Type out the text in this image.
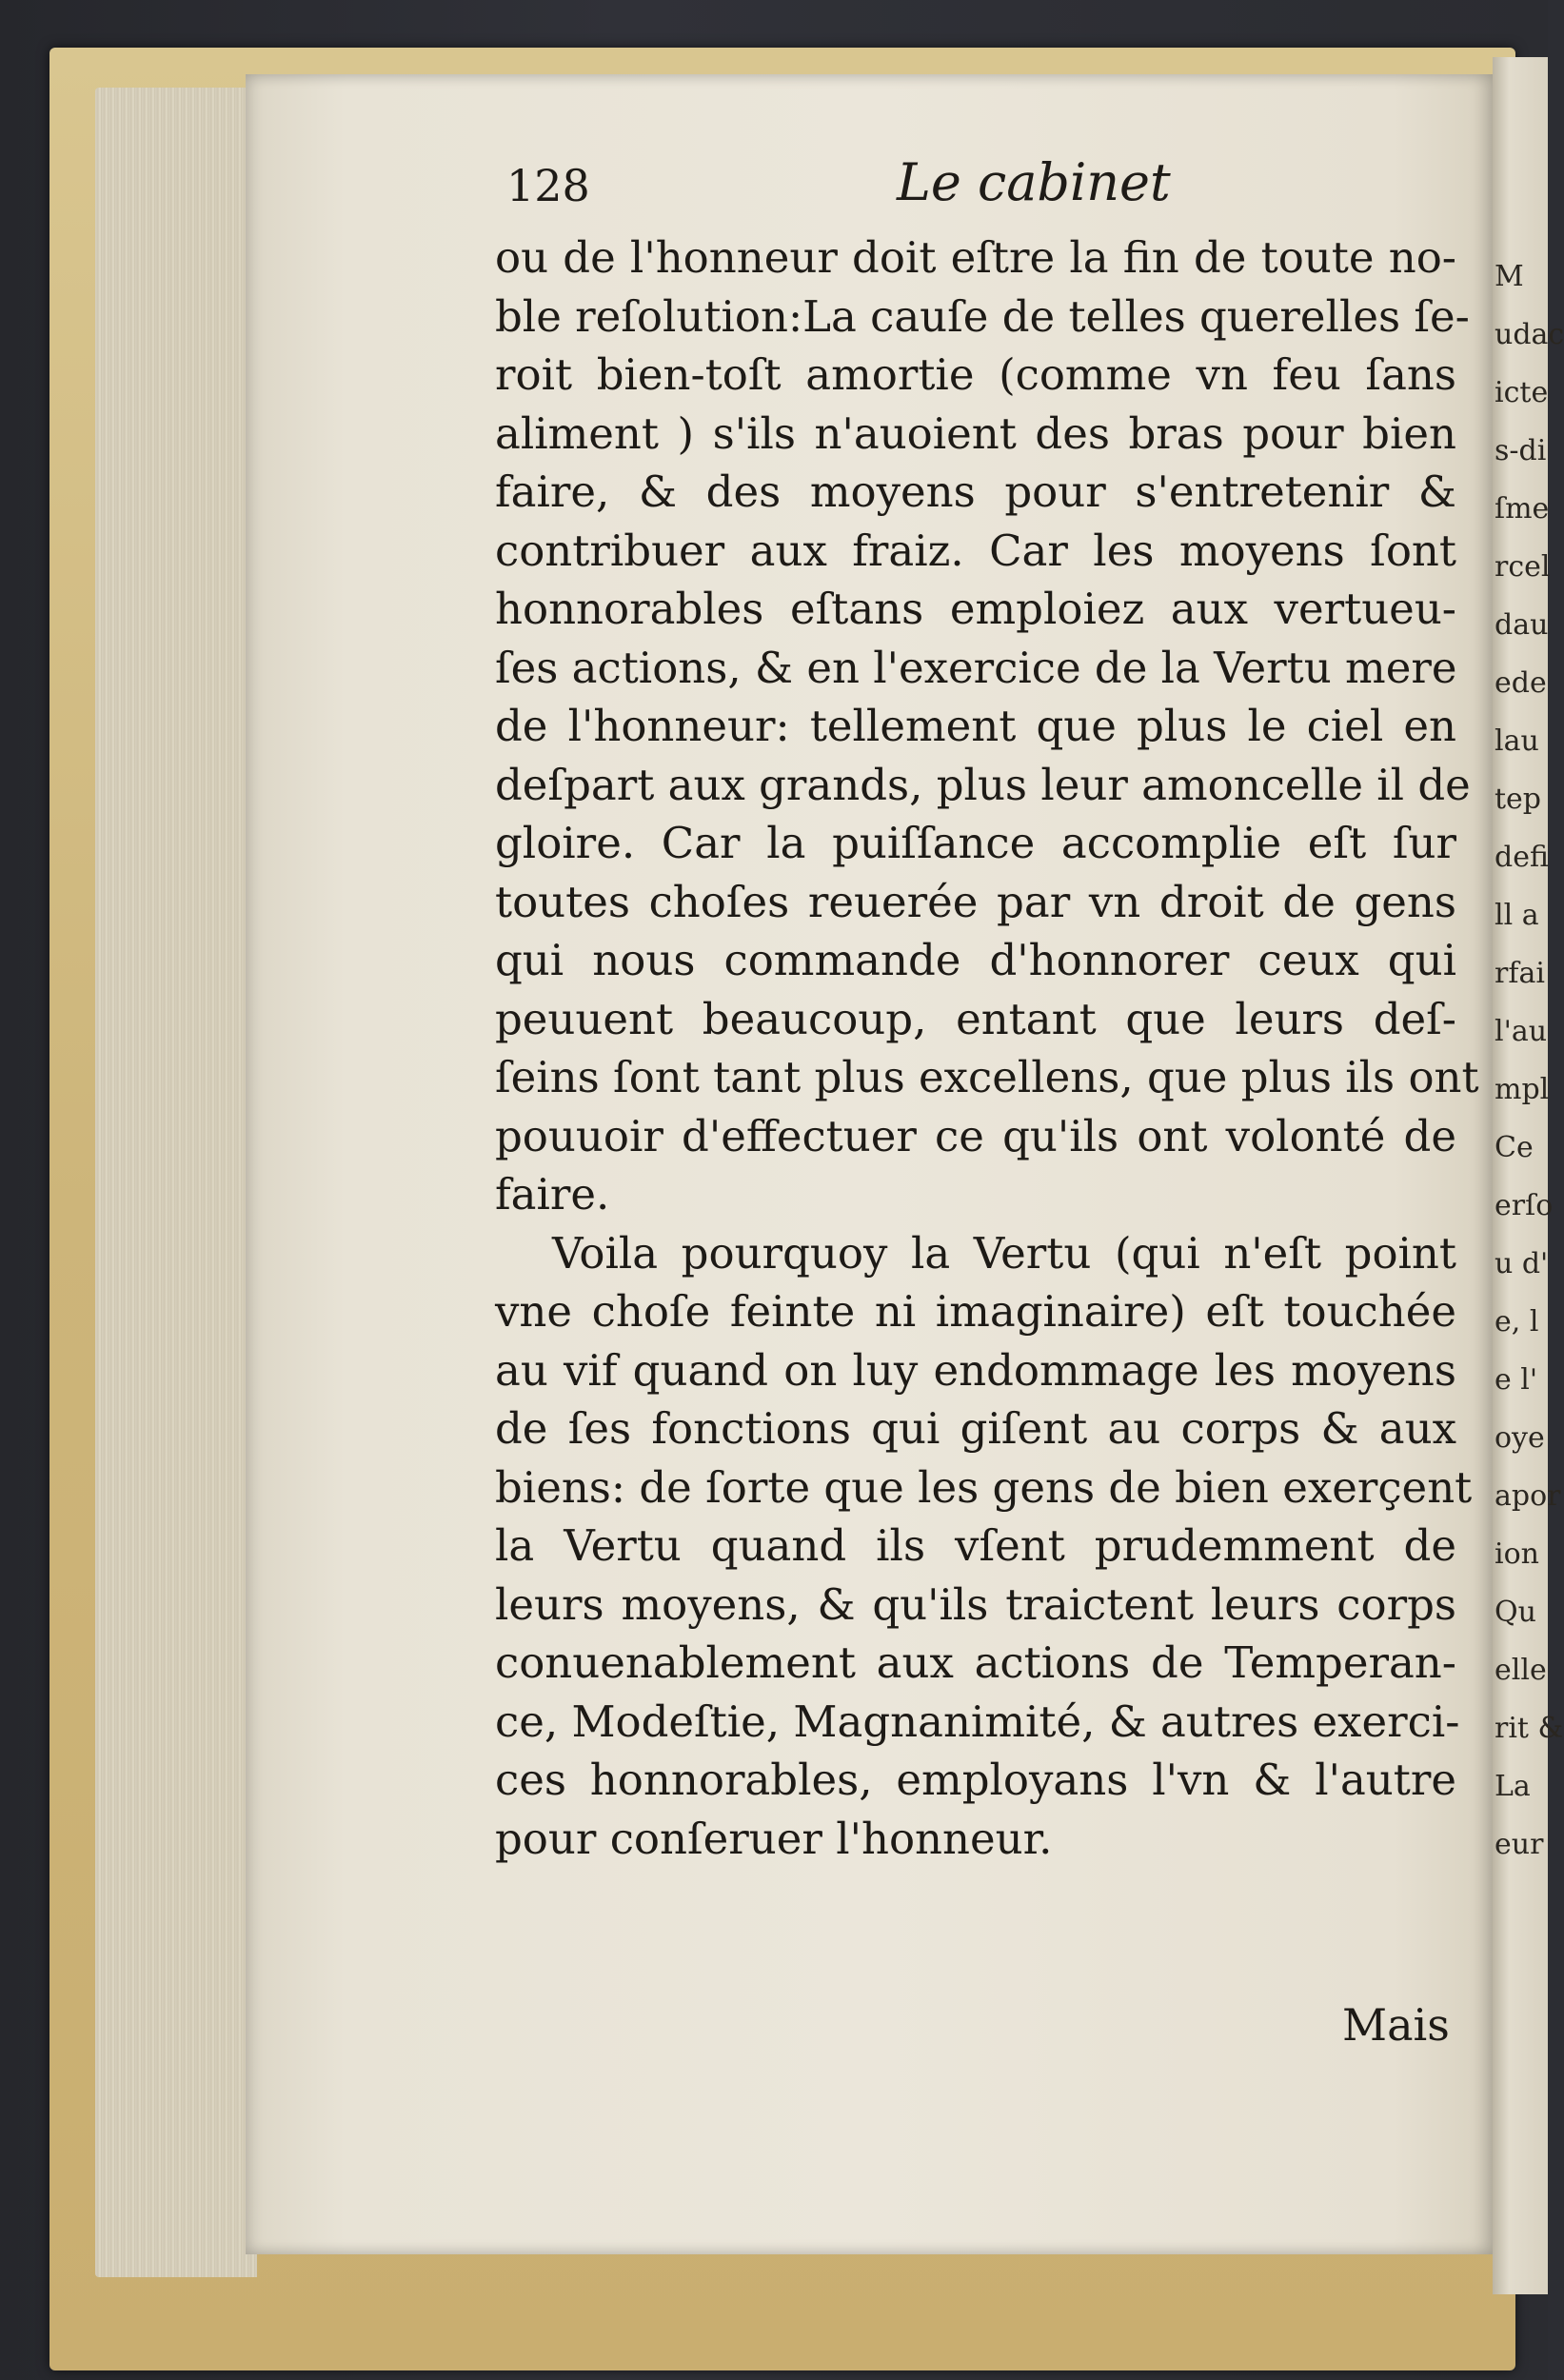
M
udac
icte
s-di
ſme
rcel
dau
ede
lau
tep
defi
ll a
rfai
l'au
mpl
Ce
erſo
u d'
e, l
e l'
oye
apor
ion
Qu
elle
rit &
La
eur
128	Le cabinet
ou de l'honneur doit eſtre la fin de toute no-
ble reſolution:La cauſe de telles querelles ſe-
roit bien-toſt amortie (comme vn feu ſans
aliment ) s'ils n'auoient des bras pour bien
faire, & des moyens pour s'entretenir &
contribuer aux fraiz. Car les moyens ſont
honnorables eſtans emploiez aux vertueu-
ſes actions, & en l'exercice de la Vertu mere
de l'honneur: tellement que plus le ciel en
deſpart aux grands, plus leur amoncelle il de
gloire. Car la puiſſance accomplie eſt ſur
toutes choſes reuerée par vn droit de gens
qui nous commande d'honnorer ceux qui
peuuent beaucoup, entant que leurs deſ-
ſeins ſont tant plus excellens, que plus ils ont
pouuoir d'effectuer ce qu'ils ont volonté de
faire.
Voila pourquoy la Vertu (qui n'eſt point
vne choſe feinte ni imaginaire) eſt touchée
au vif quand on luy endommage les moyens
de ſes fonctions qui giſent au corps & aux
biens: de ſorte que les gens de bien exerçent
la Vertu quand ils vſent prudemment de
leurs moyens, & qu'ils traictent leurs corps
conuenablement aux actions de Temperan-
ce, Modeſtie, Magnanimité, & autres exerci-
ces honnorables, employans l'vn & l'autre
pour conſeruer l'honneur.
Mais
